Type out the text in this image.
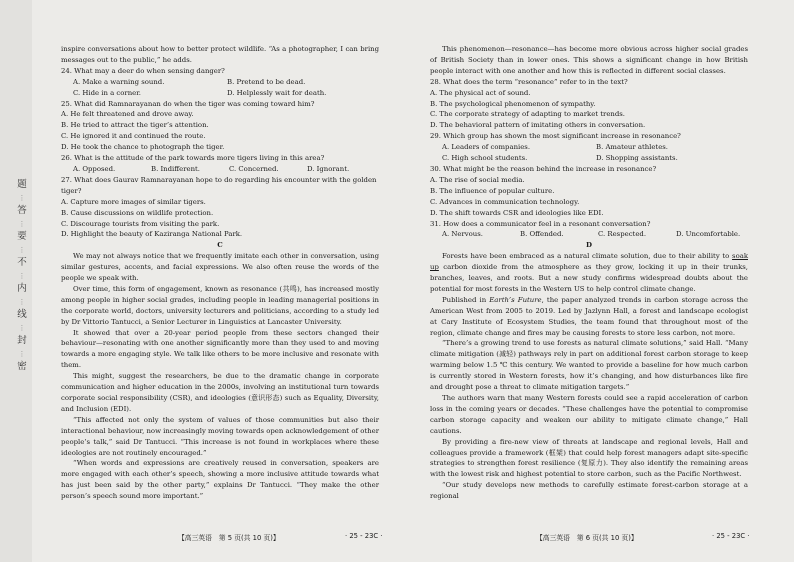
题
⋮
答
⋮
要
⋮
不
⋮
内
⋮
线
⋮
封
⋮
密

inspire conversations about how to better protect wildlife. “As a photographer, I can bring messages out to the public,” he adds.

24. What may a deer do when sensing danger?

A. Make a warning sound.	B. Pretend to be dead.
C. Hide in a corner.	D. Helplessly wait for death.

25. What did Ramnarayanan do when the tiger was coming toward him?

A. He felt threatened and drove away.

B. He tried to attract the tiger’s attention.

C. He ignored it and continued the route.

D. He took the chance to photograph the tiger.

26. What is the attitude of the park towards more tigers living in this area?

A. Opposed.	B. Indifferent.	C. Concerned.	D. Ignorant.

27. What does Gaurav Ramnarayanan hope to do regarding his encounter with the golden tiger?

A. Capture more images of similar tigers.

B. Cause discussions on wildlife protection.

C. Discourage tourists from visiting the park.

D. Highlight the beauty of Kaziranga National Park.

C

We may not always notice that we frequently imitate each other in conversation, using similar gestures, accents, and facial expressions. We also often reuse the words of the people we speak with.

Over time, this form of engagement, known as resonance (共鸣), has increased mostly among people in higher social grades, including people in leading managerial positions in the corporate world, doctors, university lecturers and politicians, according to a study led by Dr Vittorio Tantucci, a Senior Lecturer in Linguistics at Lancaster University.

It showed that over a 20-year period people from these sectors changed their behaviour—resonating with one another significantly more than they used to and moving towards a more engaging style. We talk like others to be more inclusive and resonate with them.

This might, suggest the researchers, be due to the dramatic change in corporate communication and higher education in the 2000s, involving an institutional turn towards corporate social responsibility (CSR), and ideologies (意识形态) such as Equality, Diversity, and Inclusion (EDI).

“This affected not only the system of values of those communities but also their interactional behaviour, now increasingly moving towards open acknowledgement of other people’s talk,” said Dr Tantucci. “This increase is not found in workplaces where these ideologies are not routinely encouraged.”

“When words and expressions are creatively reused in conversation, speakers are more engaged with each other’s speech, showing a more inclusive attitude towards what has just been said by the other party,” explains Dr Tantucci. “They make the other person’s speech sound more important.”

【高三英语　第 5 页(共 10 页)】	· 25 - 23C ·

This phenomenon—resonance—has become more obvious across higher social grades of British Society than in lower ones. This shows a significant change in how British people interact with one another and how this is reflected in different social classes.

28. What does the term “resonance” refer to in the text?

A. The physical act of sound.

B. The psychological phenomenon of sympathy.

C. The corporate strategy of adapting to market trends.

D. The behavioral pattern of imitating others in conversation.

29. Which group has shown the most significant increase in resonance?

A. Leaders of companies.	B. Amateur athletes.
C. High school students.	D. Shopping assistants.

30. What might be the reason behind the increase in resonance?

A. The rise of social media.

B. The influence of popular culture.

C. Advances in communication technology.

D. The shift towards CSR and ideologies like EDI.

31. How does a communicator feel in a resonant conversation?

A. Nervous.	B. Offended.	C. Respected.	D. Uncomfortable.

D

Forests have been embraced as a natural climate solution, due to their ability to soak up carbon dioxide from the atmosphere as they grow, locking it up in their trunks, branches, leaves, and roots. But a new study confirms widespread doubts about the potential for most forests in the Western US to help control climate change.

Published in Earth’s Future, the paper analyzed trends in carbon storage across the American West from 2005 to 2019. Led by Jazlynn Hall, a forest and landscape ecologist at Cary Institute of Ecosystem Studies, the team found that throughout most of the region, climate change and fires may be causing forests to store less carbon, not more.

“There’s a growing trend to use forests as natural climate solutions,” said Hall. “Many climate mitigation (减轻) pathways rely in part on additional forest carbon storage to keep warming below 1.5 ℃ this century. We wanted to provide a baseline for how much carbon is currently stored in Western forests, how it’s changing, and how disturbances like fire and drought pose a threat to climate mitigation targets.”

The authors warn that many Western forests could see a rapid acceleration of carbon loss in the coming years or decades. “These challenges have the potential to compromise carbon storage capacity and weaken our ability to mitigate climate change,” Hall cautions.

By providing a fire-new view of threats at landscape and regional levels, Hall and colleagues provide a framework (框架) that could help forest managers adapt site-specific strategies to strengthen forest resilience (复原力). They also identify the remaining areas with the lowest risk and highest potential to store carbon, such as the Pacific Northwest.

“Our study develops new methods to carefully estimate forest-carbon storage at a regional

【高三英语　第 6 页(共 10 页)】	· 25 - 23C ·
